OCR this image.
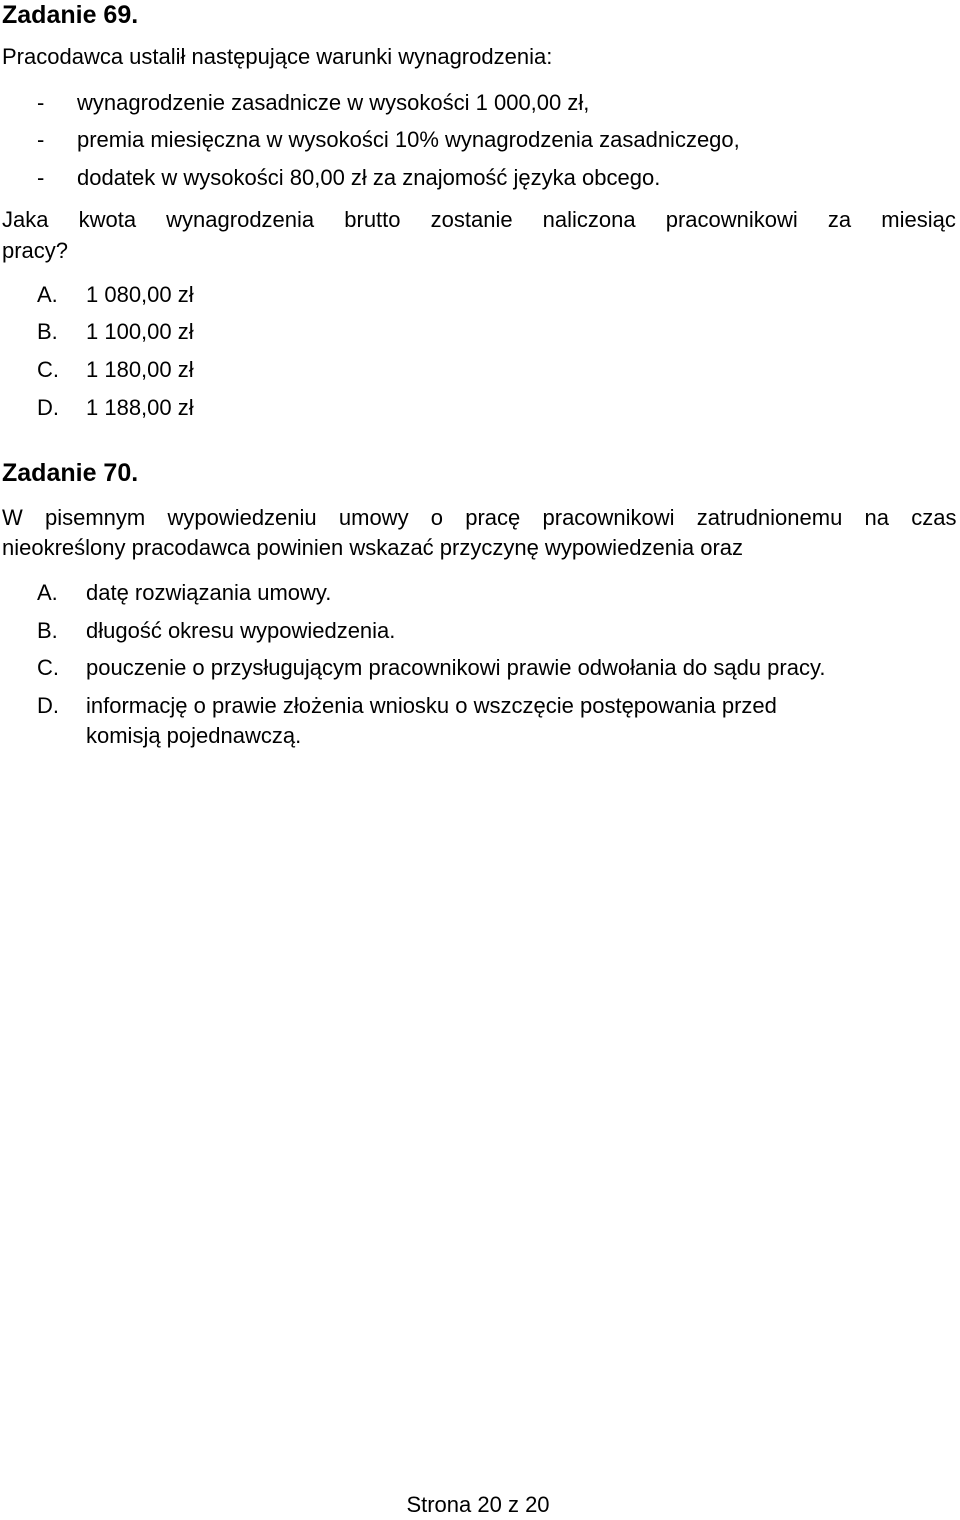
Zadanie 69.
Pracodawca ustalił następujące warunki wynagrodzenia:
- wynagrodzenie zasadnicze w wysokości 1 000,00 zł,
- premia miesięczna w wysokości 10% wynagrodzenia zasadniczego,
- dodatek w wysokości 80,00 zł za znajomość języka obcego.
Jaka kwota wynagrodzenia brutto zostanie naliczona pracownikowi za miesiąc
pracy?
A. 1 080,00 zł
B. 1 100,00 zł
C. 1 180,00 zł
D. 1 188,00 zł
Zadanie 70.
W pisemnym wypowiedzeniu umowy o pracę pracownikowi zatrudnionemu na czas
nieokreślony pracodawca powinien wskazać przyczynę wypowiedzenia oraz
A. datę rozwiązania umowy.
B. długość okresu wypowiedzenia.
C. pouczenie o przysługującym pracownikowi prawie odwołania do sądu pracy.
D. informację o prawie złożenia wniosku o wszczęcie postępowania przed
komisją pojednawczą.
Strona 20 z 20
